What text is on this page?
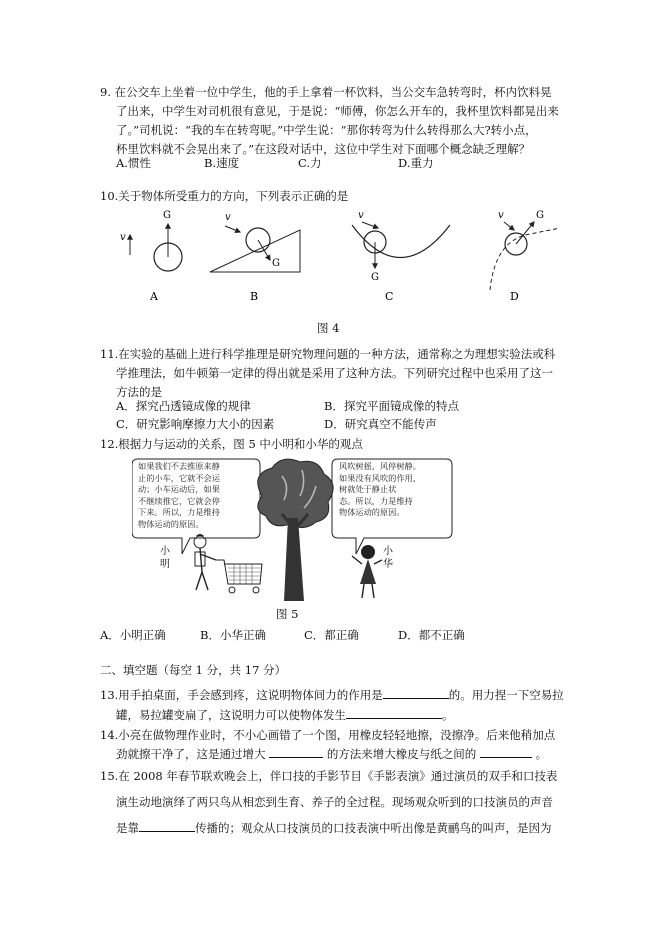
9. 在公交车上坐着一位中学生，他的手上拿着一杯饮料，当公交车急转弯时，杯内饮料晃
了出来，中学生对司机很有意见，于是说：“师傅，你怎么开车的，我杯里饮料都晃出来
了。”司机说：“我的车在转弯呢。”中学生说：“那你转弯为什么转得那么大?转小点，
杯里饮料就不会晃出来了。”在这段对话中，这位中学生对下面哪个概念缺乏理解？
A.惯性	B.速度	C.力	D.重力
10.关于物体所受重力的方向，下列表示正确的是
v
G
A
v
G
B
v
G
C
v	G
D
图 4
11.在实验的基础上进行科学推理是研究物理问题的一种方法，通常称之为理想实验法或科
学推理法，如牛顿第一定律的得出就是采用了这种方法。下列研究过程中也采用了这一
方法的是
A．探究凸透镜成像的规律	B．探究平面镜成像的特点
C．研究影响摩擦力大小的因素	D．研究真空不能传声
12.根据力与运动的关系，图 5 中小明和小华的观点
如果我们不去推原来静
止的小车，它就不会运
动；小车运动后，如果
不继续推它，它就会停
下来。所以，力是维持
物体运动的原因。
风吹树摇，风停树静。
如果没有风吹的作用，
树就处于静止状
态。所以，力是维持
物体运动的原因。
小
明
小
华
图 5
A．小明正确	B．小华正确	C．都正确	D．都不正确
二、填空题（每空 1 分，共 17 分）
13.用手拍桌面，手会感到疼，这说明物体间力的作用是	的。用力捏一下空易拉
罐，易拉罐变扁了，这说明力可以使物体发生	。
14.小亮在做物理作业时，不小心画错了一个图，用橡皮轻轻地擦，没擦净。后来他稍加点
劲就擦干净了，这是通过增大	的方法来增大橡皮与纸之间的	。
15.在 2008 年春节联欢晚会上，伴口技的手影节目《手影表演》通过演员的双手和口技表
演生动地演绎了两只鸟从相恋到生育、养子的全过程。现场观众听到的口技演员的声音
是靠	传播的；观众从口技演员的口技表演中听出像是黄鹂鸟的叫声，是因为
